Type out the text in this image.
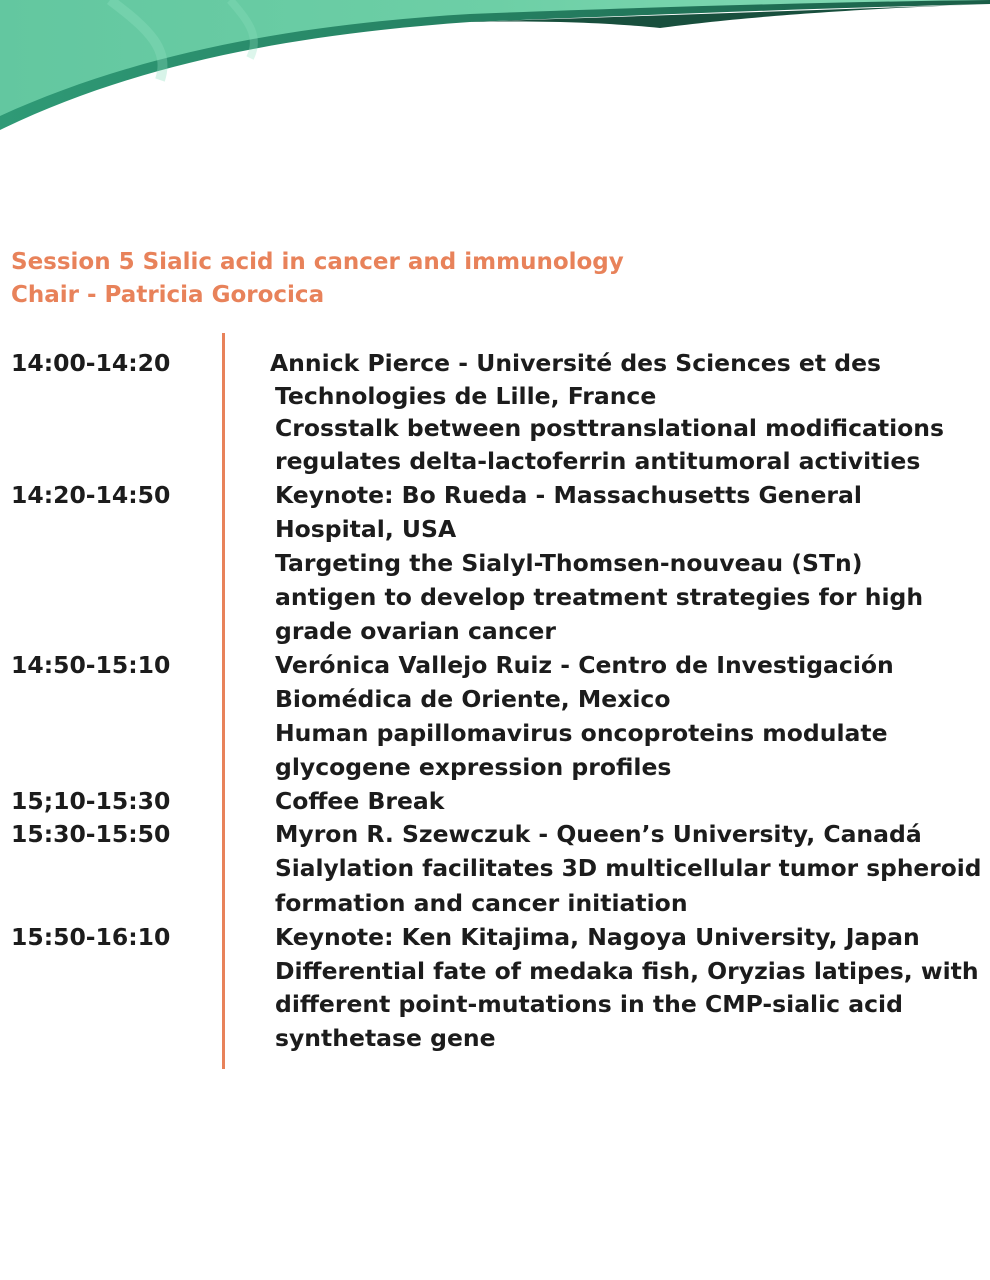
Session 5 Sialic acid in cancer and immunology

Chair - Patricia Gorocica

14:00-14:20	Annick Pierce - Université des Sciences et des

Technologies de Lille, France

Crosstalk between posttranslational modifications

regulates delta-lactoferrin antitumoral activities

14:20-14:50	Keynote: Bo Rueda - Massachusetts General

Hospital, USA

Targeting the Sialyl-Thomsen-nouveau (STn)

antigen to develop treatment strategies for high

grade ovarian cancer

14:50-15:10	Verónica Vallejo Ruiz - Centro de Investigación

Biomédica de Oriente, Mexico

Human papillomavirus oncoproteins modulate

glycogene expression profiles

15;10-15:30	Coffee Break

15:30-15:50	Myron R. Szewczuk - Queen’s University, Canadá

Sialylation facilitates 3D multicellular tumor spheroid

formation and cancer initiation

15:50-16:10	Keynote: Ken Kitajima, Nagoya University, Japan

Differential fate of medaka fish, Oryzias latipes, with

different point-mutations in the CMP-sialic acid

synthetase gene
